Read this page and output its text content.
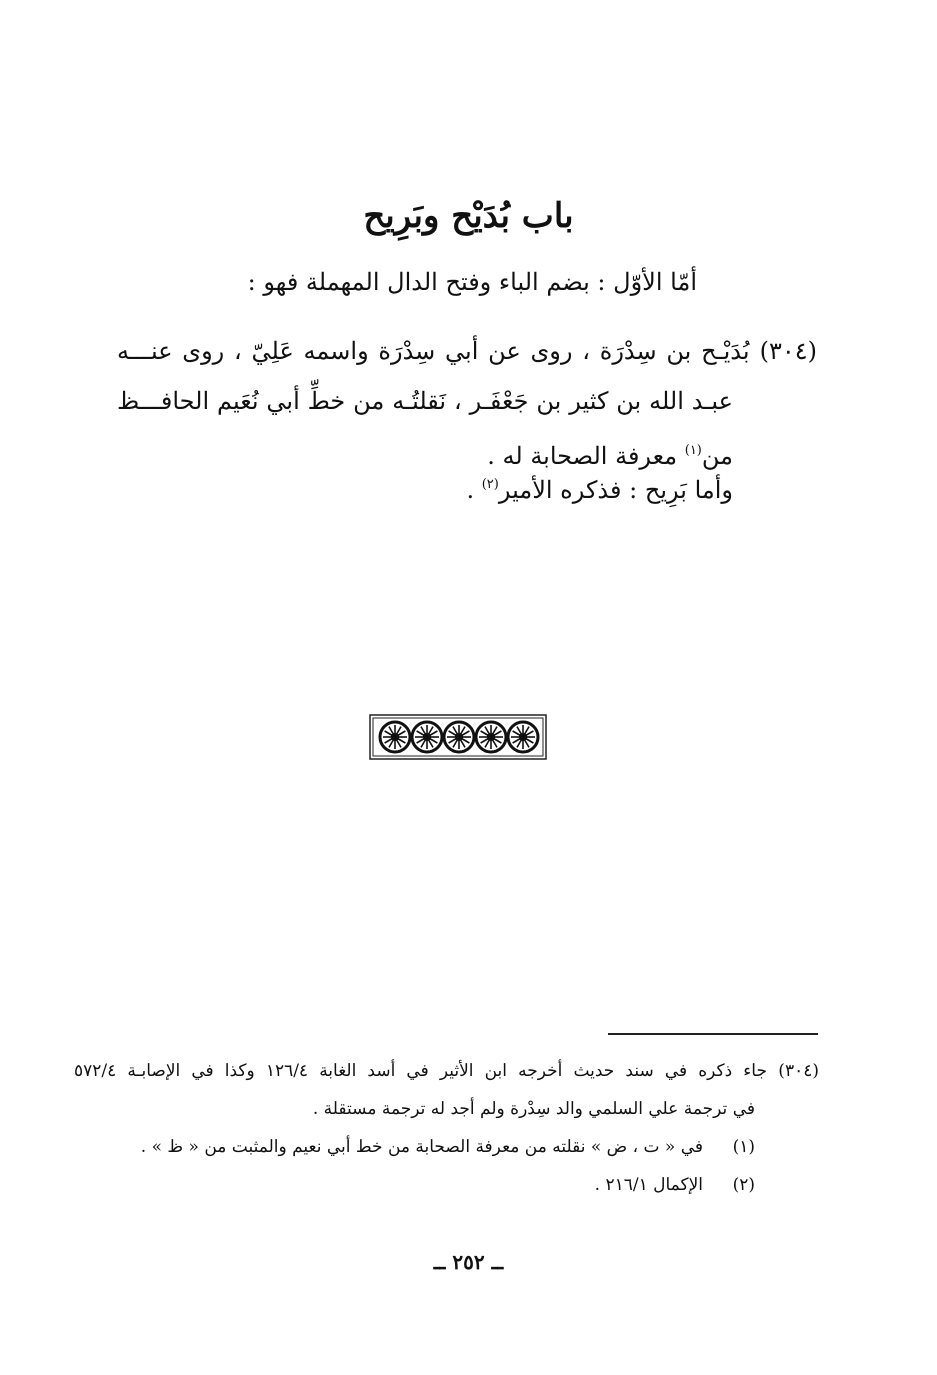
باب بُدَيْح وبَرِيح
أمّا الأوّل : بضم الباء وفتح الدال المهملة فهو :
(٣٠٤)بُدَيْـح بن سِدْرَة ، روى عن أبي سِدْرَة واسمه عَلِيّ ، روى عنـــه
عبـد الله بن كثير بن جَعْفَـر ، نَقلتُـه من خطِّ أبي نُعَيم الحافـــظ
من$^{(١)}$ معرفة الصحابة له .
وأما بَرِيح : فذكره الأمير$^{(٢)}$ .
(٣٠٤)جاء ذكره في سند حديث أخرجه ابن الأثير في أسد الغابة ١٢٦/٤ وكذا في الإصابـة ٥٧٢/٤
في ترجمة علي السلمي والد سِدْرة ولم أجد له ترجمة مستقلة .
(١)في « ت ، ض » نقلته من معرفة الصحابة من خط أبي نعيم والمثبت من « ظ » .
(٢)الإكمال ٢١٦/١ .
ــ ٢٥٢ ــ
